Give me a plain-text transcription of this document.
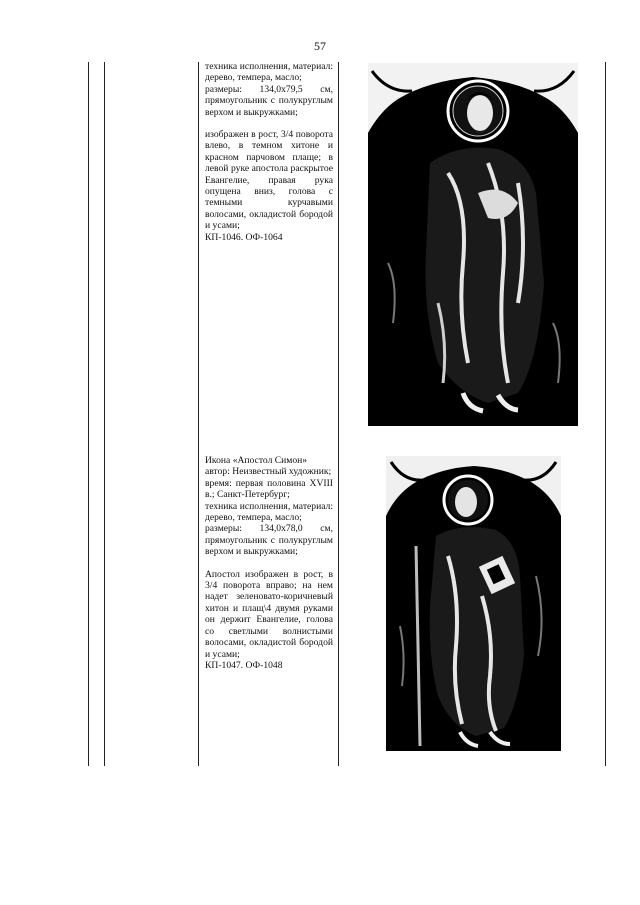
57

техника исполнения, материал: дерево, темпера, масло;

размеры: 134,0х79,5 см, прямоугольник с полукруглым верхом и выкружками;

изображен в рост, 3/4 поворота влево, в темном хитоне и красном парчовом плаще; в левой руке апостола раскрытое Евангелие, правая рука опущена вниз, голова с темными курчавыми волосами, окладистой бородой и усами;

КП-1046. ОФ-1064

Икона «Апостол Симон»

автор: Неизвестный художник;

время: первая половина XVIII в.; Санкт-Петербург;

техника исполнения, материал: дерево, темпера, масло;

размеры: 134,0х78,0 см, прямоугольник с полукруглым верхом и выкружками;

Апостол изображен в рост, в 3/4 поворота вправо; на нем надет зеленовато-коричневый хитон и плащ\4 двумя руками он держит Евангелие, голова со светлыми волнистыми волосами, окладистой бородой и усами;

КП-1047. ОФ-1048
